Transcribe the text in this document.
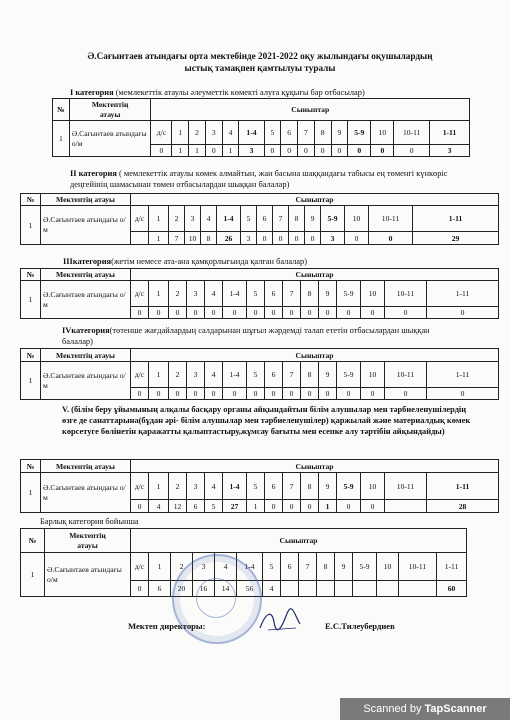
Ә.Сағынтаев атындағы орта мектебінде 2021-2022 оқу жылындағы оқушылардың
ыстық тамақпен қамтылуы туралы
І категория (мемлекеттік атаулы әлеуметтік көмекті алуға құқығы бар отбасылар)
№	Мектептің
атауы	Сыныптар														
1	Ә.Сағынтаев атындағы о/м	д/с	1	2	3	4	1-4	5	6	7	8	9	5-9	10	10-11	1-11
		0	1	1	0	1	3	0	0	0	0	0	0	0	0	3
ІІ категория ( мемлекеттік атаулы көмек алмайтын, жан басына шаққандағы табысы ең төменгі күнкөріс деңгейінің шамасынан төмен отбасылардан шыққан балалар)
№	Мектептің атауы	Сыныптар														
1	Ә.Сағынтаев атындағы о/м	д/с	1	2	3	4	1-4	5	6	7	8	9	5-9	10	10-11	1-11
			1	7	10	8	26	3	0	0	0	0	3	0	0	29
ІІІкатегория(жетім немесе ата-ана қамқорлығында қалған балалар)
№	Мектептің атауы	Сыныптар														
1	Ә.Сағынтаев атындағы о/м	д/с	1	2	3	4	1-4	5	6	7	8	9	5-9	10	10-11	1-11
		0	0	0	0	0	0	0	0	0	0	0	0	0	0	0
ІVкатегория(төтенше жағдайлардың салдарынан шұғыл жәрдемді талап ететін отбасылардан шыққан балалар)
№	Мектептің атауы	Сыныптар														
1	Ә.Сағынтаев атындағы о/м	д/с	1	2	3	4	1-4	5	6	7	8	9	5-9	10	10-11	1-11
		0	0	0	0	0	0	0	0	0	0	0	0	0	0	0
V. (білім беру ұйымының алқалы басқару органы айқындайтын білім алушылар мен тәрбиеленушілердің өзге де санаттарына(бұдан әрі- білім алушылар мен тәрбиеленушілер) қаржылай және материалдық көмек көрсетуге бөлінетін қаражатты қалыптастыру,жұмсау бағыты мен есепке алу тәртібін айқындайды)
№	Мектептің атауы	Сыныптар														
1	Ә.Сағынтаев атындағы о/м	д/с	1	2	3	4	1-4	5	6	7	8	9	5-9	10	10-11	1-11
		0	4	12	6	5	27	1	0	0	0	1	0	0		28
Барлық категория бойынша
№	Мектептің
атауы	Сыныптар														
1	Ә.Сағынтаев атындағы о/м	д/с	1	2	3	4	1-4	5	6	7	8	9	5-9	10	10-11	1-11
		0	6	20	16	14	56	4								60
Мектеп директоры:	Е.С.Тилеубердиев
Scanned by TapScanner
